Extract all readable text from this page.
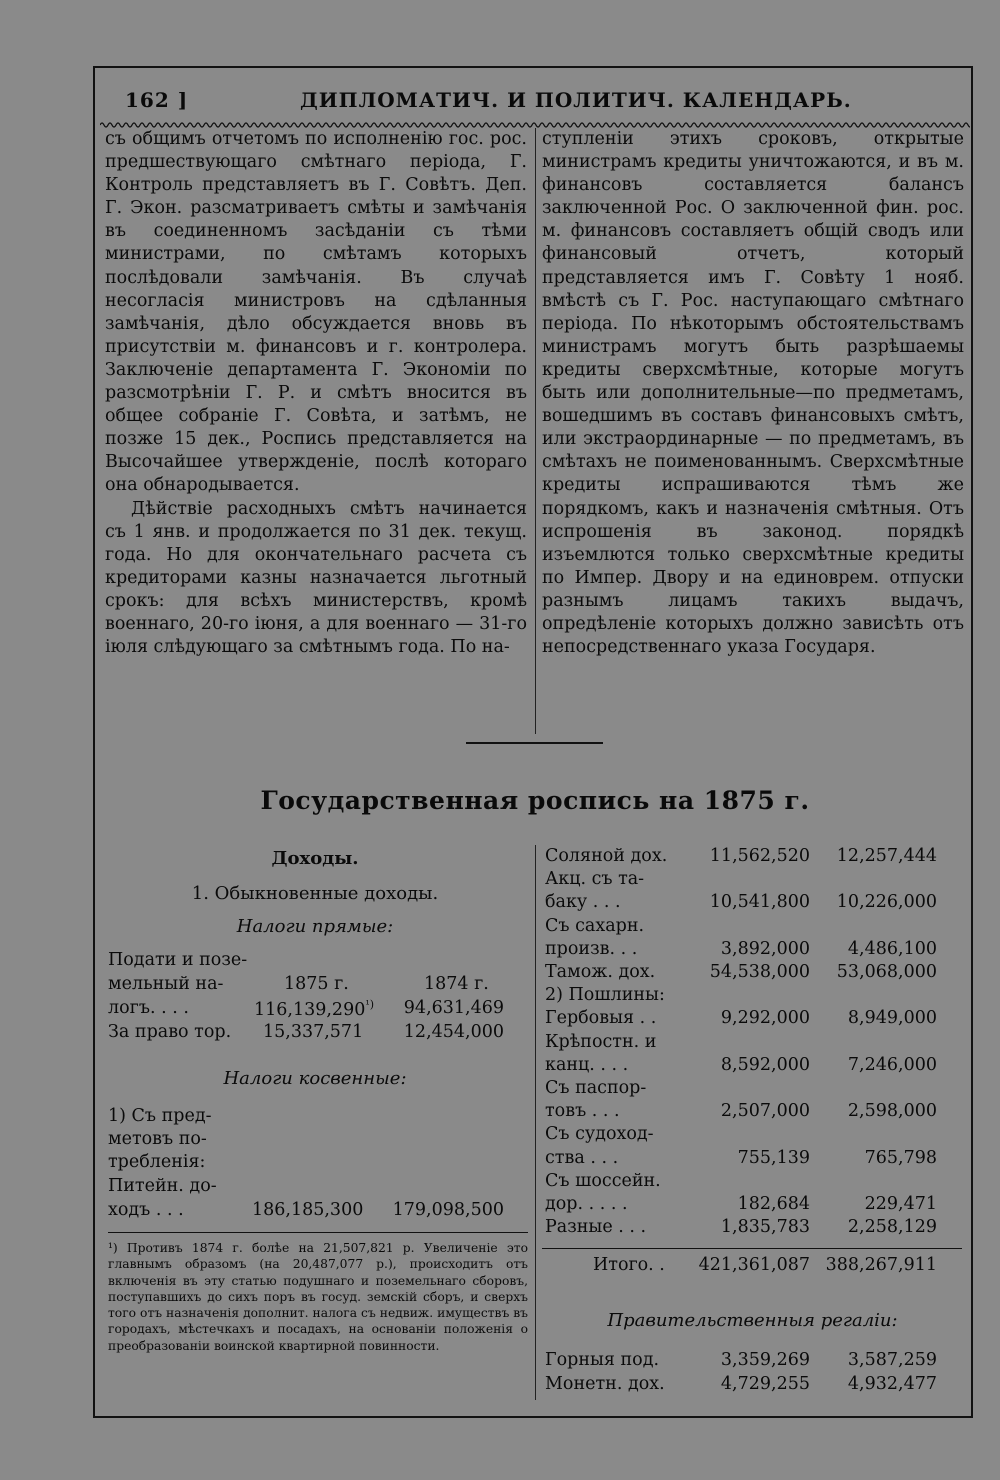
162 ]	ДИПЛОМАТИЧ. И ПОЛИТИЧ. КАЛЕНДАРЬ.

съ общимъ отчетомъ по исполненію гос. рос. предшествующаго смѣтнаго періода, Г. Контроль представляетъ въ Г. Совѣтъ. Деп. Г. Экон. разсматриваетъ смѣты и замѣчанія въ соединенномъ засѣданіи съ тѣми министрами, по смѣтамъ которыхъ послѣдовали замѣчанія. Въ случаѣ несогласія министровъ на сдѣланныя замѣчанія, дѣло обсуждается вновь въ присутствіи м. финансовъ и г. контролера. Заключеніе департамента Г. Экономіи по разсмотрѣніи Г. Р. и смѣтъ вносится въ общее собраніе Г. Совѣта, и затѣмъ, не позже 15 дек., Роспись представляется на Высочайшее утвержденіе, послѣ котораго она обнародывается.

Дѣйствіе расходныхъ смѣтъ начинается съ 1 янв. и продолжается по 31 дек. текущ. года. Но для окончательнаго расчета съ кредиторами казны назначается льготный срокъ: для всѣхъ министерствъ, кромѣ военнаго, 20-го іюня, а для военнаго — 31-го іюля слѣдующаго за смѣтнымъ года. По на-

ступленіи этихъ сроковъ, открытые министрамъ кредиты уничтожаются, и въ м. финансовъ составляется балансъ заключенной Рос. О заключенной фин. рос. м. финансовъ составляетъ общій сводъ или финансовый отчетъ, который представляется имъ Г. Совѣту 1 нояб. вмѣстѣ съ Г. Рос. наступающаго смѣтнаго періода. По нѣкоторымъ обстоятельствамъ министрамъ могутъ быть разрѣшаемы кредиты сверхсмѣтные, которые могутъ быть или дополнительные—по предметамъ, вошедшимъ въ составъ финансовыхъ смѣтъ, или экстраординарные — по предметамъ, въ смѣтахъ не поименованнымъ. Сверхсмѣтные кредиты испрашиваются тѣмъ же порядкомъ, какъ и назначенія смѣтныя. Отъ испрошенія въ законод. порядкѣ изъемлются только сверхсмѣтные кредиты по Импер. Двору и на единоврем. отпуски разнымъ лицамъ такихъ выдачъ, опредѣленіе которыхъ должно зависѣть отъ непосредственнаго указа Государя.

Государственная роспись на 1875 г.
Доходы.
1. Обыкновенные доходы.
Налоги прямые:
Подати и позе-
мельный на-	1875 г.	1874 г.
логъ. . . .	$116,139,290^{^1)}$ 94,631,469
За право тор. 15,337,571 12,454,000
Налоги косвенные:
1) Съ пред-
метовъ по-
требленія:
Питейн. до-
ходъ . . .	186,185,300 179,098,500
¹) Противъ 1874 г. болѣе на 21,507,821 р. Увеличеніе это главнымъ образомъ (на 20,487,077 р.), происходитъ отъ включенія въ эту статью подушнаго и поземельнаго сборовъ, поступавшихъ до сихъ поръ въ госуд. земскій сборъ, и сверхъ того отъ назначенія дополнит. налога съ недвиж. имуществъ въ городахъ, мѣстечкахъ и посадахъ, на основаніи положенія о преобразованіи воинской квартирной повинности.
Соляной дох. 11,562,520 12,257,444
Акц. съ та-
баку . . .	10,541,800 10,226,000
Съ сахарн.
произв. . .	3,892,000 4,486,100
Тамож. дох.	54,538,000 53,068,000
2) Пошлины:
Гербовыя . .	9,292,000 8,949,000
Крѣпостн. и
канц. . . .	8,592,000 7,246,000
Съ паспор-
товъ . . .	2,507,000 2,598,000
Съ судоход-
ства . . .	755,139	765,798
Съ шоссейн.
дор. . . . .	182,684	229,471
Разные . . .	1,835,783 2,258,129
Итого. . 421,361,087 388,267,911
Правительственныя регаліи:
Горныя под.	3,359,269 3,587,259
Монетн. дох.	4,729,255 4,932,477
